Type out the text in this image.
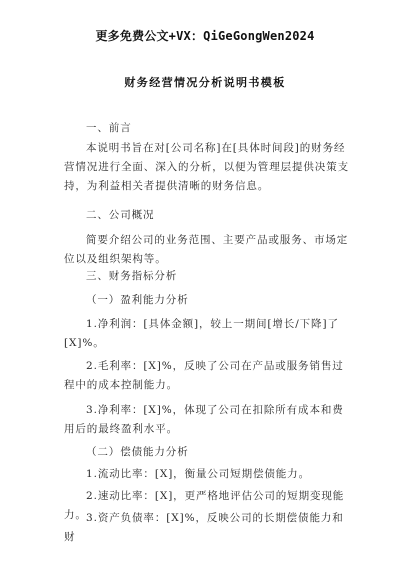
更多免费公文+VX：QiGeGongWen2024
财务经营情况分析说明书模板
一、前言
本说明书旨在对[公司名称]在[具体时间段]的财务经营情况进行全面、深入的分析，以便为管理层提供决策支持，为利益相关者提供清晰的财务信息。
二、公司概况
简要介绍公司的业务范围、主要产品或服务、市场定位以及组织架构等。
三、财务指标分析
（一）盈利能力分析
1.净利润：[具体金额]，较上一期间[增长/下降]了[X]%。
2.毛利率：[X]%，反映了公司在产品或服务销售过程中的成本控制能力。
3.净利率：[X]%，体现了公司在扣除所有成本和费用后的最终盈利水平。
（二）偿债能力分析
1.流动比率：[X]，衡量公司短期偿债能力。
2.速动比率：[X]，更严格地评估公司的短期变现能力。 3.资产负债率：[X]%，反映公司的长期偿债能力和财
